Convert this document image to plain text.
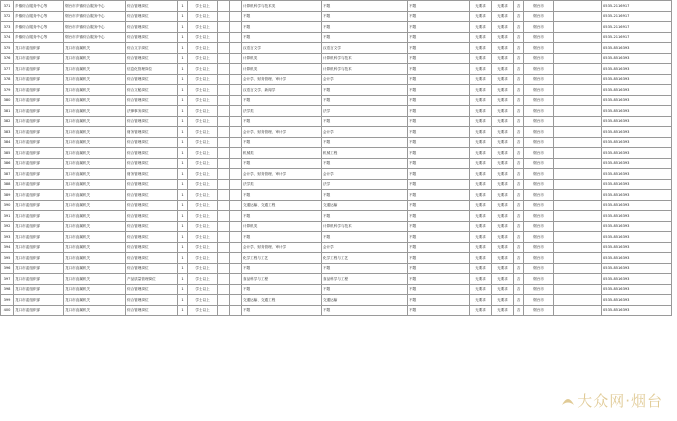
371	乡镇综合服务中心等	烟台市乡镇综合服务中心	综合管理岗位	1	学士以上			计算机科学与技术类	不限	不限	无要求	无要求	否	烟台市		0535-2116917
372	乡镇综合服务中心等	烟台市乡镇综合服务中心	综合管理岗位	1	学士以上			不限	不限	不限	无要求	无要求	否	烟台市		0535-2116917
373	乡镇综合服务中心等	烟台市乡镇综合服务中心	综合管理岗位	1	学士以上			不限	不限	不限	无要求	无要求	否	烟台市		0535-2116917
374	乡镇综合服务中心等	烟台市乡镇综合服务中心	综合管理岗位	1	学士以上			不限	不限	不限	无要求	无要求	否	烟台市		0535-2116917
375	龙口市委组织部	龙口市直属机关	综合文字岗位	1	学士以上			汉语言文学	汉语言文学	不限	无要求	无要求	否	烟台市		0535-8516393
376	龙口市委组织部	龙口市直属机关	综合管理岗位	1	学士以上			计算机类	计算机科学与技术	不限	无要求	无要求	否	烟台市		0535-8516393
377	龙口市委组织部	龙口市直属机关	信息化管理岗位	1	学士以上			计算机类	计算机科学与技术	不限	无要求	无要求	否	烟台市		0535-8516393
378	龙口市委组织部	龙口市直属机关	综合管理岗位	1	学士以上			会计学、财务管理、审计学	会计学	不限	无要求	无要求	否	烟台市		0535-8516393
379	龙口市委组织部	龙口市直属机关	综合文秘岗位	1	学士以上			汉语言文学、新闻学	不限	不限	无要求	无要求	否	烟台市		0535-8516393
380	龙口市委组织部	龙口市直属机关	综合管理岗位	1	学士以上			不限	不限	不限	无要求	无要求	否	烟台市		0535-8516393
381	龙口市委组织部	龙口市直属机关	法律事务岗位	1	学士以上			法学类	法学	不限	无要求	无要求	否	烟台市		0535-8516393
382	龙口市委组织部	龙口市直属机关	综合管理岗位	1	学士以上			不限	不限	不限	无要求	无要求	否	烟台市		0535-8516393
383	龙口市委组织部	龙口市直属机关	财务管理岗位	1	学士以上			会计学、财务管理、审计学	会计学	不限	无要求	无要求	否	烟台市		0535-8516393
384	龙口市委组织部	龙口市直属机关	综合管理岗位	1	学士以上			不限	不限	不限	无要求	无要求	否	烟台市		0535-8516393
385	龙口市委组织部	龙口市直属机关	综合管理岗位	1	学士以上			机械类	机械工程	不限	无要求	无要求	否	烟台市		0535-8516393
386	龙口市委组织部	龙口市直属机关	综合管理岗位	1	学士以上			不限	不限	不限	无要求	无要求	否	烟台市		0535-8516393
387	龙口市委组织部	龙口市直属机关	财务管理岗位	1	学士以上			会计学、财务管理、审计学	会计学	不限	无要求	无要求	否	烟台市		0535-8516393
388	龙口市委组织部	龙口市直属机关	综合管理岗位	1	学士以上			法学类	法学	不限	无要求	无要求	否	烟台市		0535-8516393
389	龙口市委组织部	龙口市直属机关	综合管理岗位	1	学士以上			不限	不限	不限	无要求	无要求	否	烟台市		0535-8516393
390	龙口市委组织部	龙口市直属机关	综合管理岗位	1	学士以上			交通运输、交通工程	交通运输	不限	无要求	无要求	否	烟台市		0535-8516393
391	龙口市委组织部	龙口市直属机关	综合管理岗位	1	学士以上			不限	不限	不限	无要求	无要求	否	烟台市		0535-8516393
392	龙口市委组织部	龙口市直属机关	综合管理岗位	1	学士以上			计算机类	计算机科学与技术	不限	无要求	无要求	否	烟台市		0535-8516393
393	龙口市委组织部	龙口市直属机关	综合管理岗位	1	学士以上			不限	不限	不限	无要求	无要求	否	烟台市		0535-8516393
394	龙口市委组织部	龙口市直属机关	综合管理岗位	1	学士以上			会计学、财务管理、审计学	会计学	不限	无要求	无要求	否	烟台市		0535-8516393
395	龙口市委组织部	龙口市直属机关	综合管理岗位	1	学士以上			化学工程与工艺	化学工程与工艺	不限	无要求	无要求	否	烟台市		0535-8516393
396	龙口市委组织部	龙口市直属机关	综合管理岗位	1	学士以上			不限	不限	不限	无要求	无要求	否	烟台市		0535-8516393
397	龙口市委组织部	龙口市直属机关	产品质量管理岗位	1	学士以上			食品科学与工程	食品科学与工程	不限	无要求	无要求	否	烟台市		0535-8516393
398	龙口市委组织部	龙口市直属机关	综合管理岗位	1	学士以上			不限	不限	不限	无要求	无要求	否	烟台市		0535-8516393
399	龙口市委组织部	龙口市直属机关	综合管理岗位	1	学士以上			交通运输、交通工程	交通运输	不限	无要求	无要求	否	烟台市		0535-8516393
400	龙口市委组织部	龙口市直属机关	综合管理岗位	1	学士以上			不限	不限	不限	无要求	无要求	否	烟台市		0535-8516393
大众网·烟台
